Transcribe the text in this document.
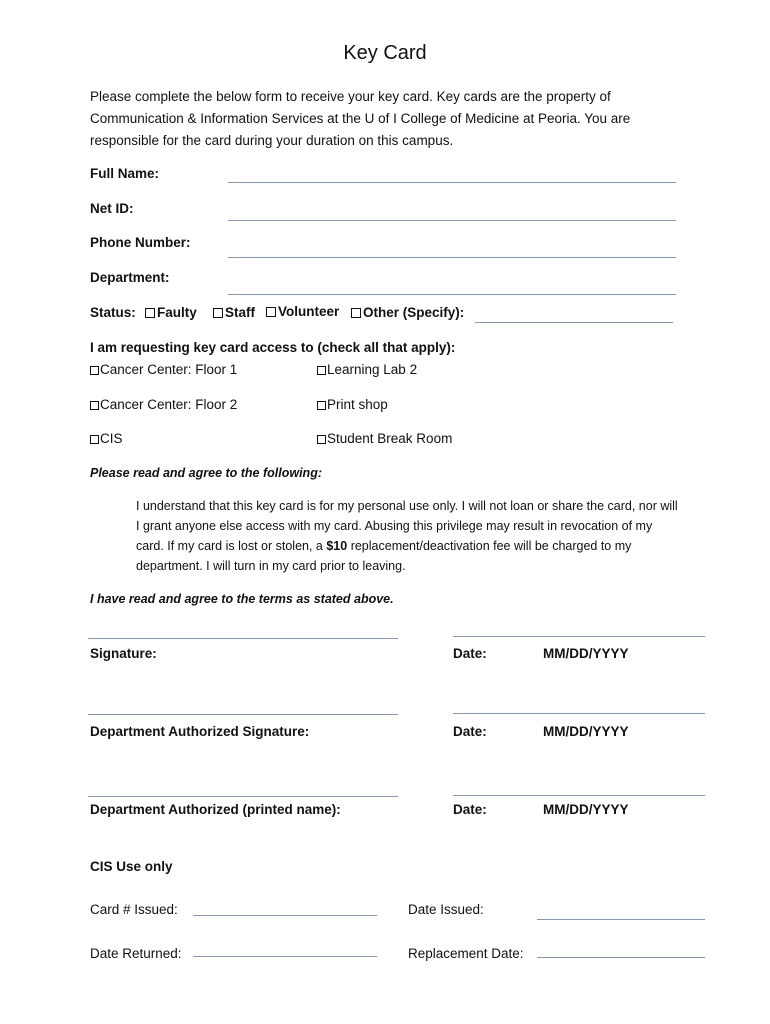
Key Card
Please complete the below form to receive your key card. Key cards are the property of Communication & Information Services at the U of I College of Medicine at Peoria. You are responsible for the card during your duration on this campus.
Full Name:
Net ID:
Phone Number:
Department:
Status:	Faulty	Staff	Volunteer	Other (Specify):
I am requesting key card access to (check all that apply):
Cancer Center: Floor 1	Learning Lab 2
Cancer Center: Floor 2	Print shop
CIS	Student Break Room
Please read and agree to the following:
I understand that this key card is for my personal use only. I will not loan or share the card, nor will I grant anyone else access with my card. Abusing this privilege may result in revocation of my card. If my card is lost or stolen, a $10 replacement/deactivation fee will be charged to my department. I will turn in my card prior to leaving.
I have read and agree to the terms as stated above.
Signature:	Date:	MM/DD/YYYY
Department Authorized Signature:	Date:	MM/DD/YYYY
Department Authorized (printed name):	Date:	MM/DD/YYYY
CIS Use only
Card # Issued:	Date Issued:
Date Returned:	Replacement Date:
